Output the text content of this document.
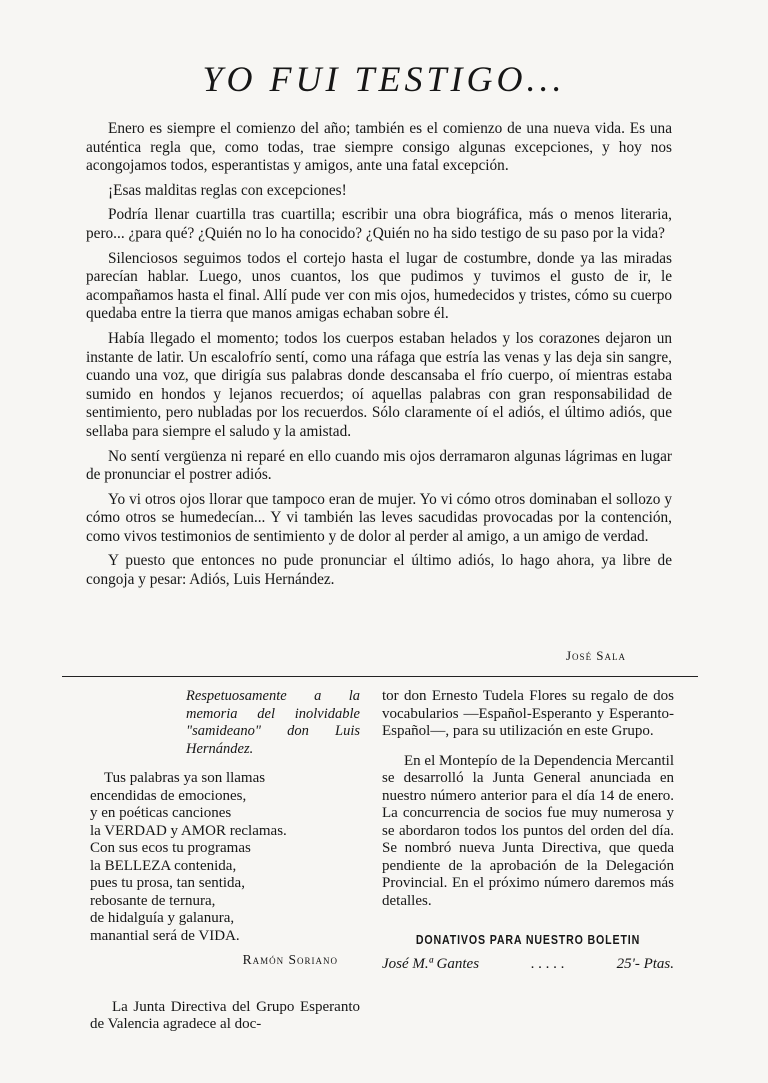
YO FUI TESTIGO...

Enero es siempre el comienzo del año; también es el comienzo de una nueva vida. Es una auténtica regla que, como todas, trae siempre consigo algunas excepciones, y hoy nos acongojamos todos, esperantistas y amigos, ante una fatal excepción.

¡Esas malditas reglas con excepciones!

Podría llenar cuartilla tras cuartilla; escribir una obra biográfica, más o menos literaria, pero... ¿para qué? ¿Quién no lo ha conocido? ¿Quién no ha sido testigo de su paso por la vida?

Silenciosos seguimos todos el cortejo hasta el lugar de costumbre, donde ya las miradas parecían hablar. Luego, unos cuantos, los que pudimos y tuvimos el gusto de ir, le acompañamos hasta el final. Allí pude ver con mis ojos, humedecidos y tristes, cómo su cuerpo quedaba entre la tierra que manos amigas echaban sobre él.

Había llegado el momento; todos los cuerpos estaban helados y los corazones dejaron un instante de latir. Un escalofrío sentí, como una ráfaga que estría las venas y las deja sin sangre, cuando una voz, que dirigía sus palabras donde descansaba el frío cuerpo, oí mientras estaba sumido en hondos y lejanos recuerdos; oí aquellas palabras con gran responsabilidad de sentimiento, pero nubladas por los recuerdos. Sólo claramente oí el adiós, el último adiós, que sellaba para siempre el saludo y la amistad.

No sentí vergüenza ni reparé en ello cuando mis ojos derramaron algunas lágrimas en lugar de pronunciar el postrer adiós.

Yo vi otros ojos llorar que tampoco eran de mujer. Yo vi cómo otros dominaban el sollozo y cómo otros se humedecían... Y vi también las leves sacudidas provocadas por la contención, como vivos testimonios de sentimiento y de dolor al perder al amigo, a un amigo de verdad.

Y puesto que entonces no pude pronunciar el último adiós, lo hago ahora, ya libre de congoja y pesar: Adiós, Luis Hernández.

José Sala
Respetuosamente a la memoria del inolvidable "samideano" don Luis Hernández.
Tus palabras ya son llamas
encendidas de emociones,
y en poéticas canciones
la VERDAD y AMOR reclamas.
Con sus ecos tu programas
la BELLEZA contenida,
pues tu prosa, tan sentida,
rebosante de ternura,
de hidalguía y galanura,
manantial será de VIDA.
Ramón Soriano
La Junta Directiva del Grupo Esperanto de Valencia agradece al doc-

tor don Ernesto Tudela Flores su regalo de dos vocabularios —Español-Esperanto y Esperanto-Español—, para su utilización en este Grupo.

En el Montepío de la Dependencia Mercantil se desarrolló la Junta General anunciada en nuestro número anterior para el día 14 de enero. La concurrencia de socios fue muy numerosa y se abordaron todos los puntos del orden del día. Se nombró nueva Junta Directiva, que queda pendiente de la aprobación de la Delegación Provincial. En el próximo número daremos más detalles.

DONATIVOS PARA NUESTRO BOLETIN
José M.ª Gantes	. . . . .	25'- Ptas.
